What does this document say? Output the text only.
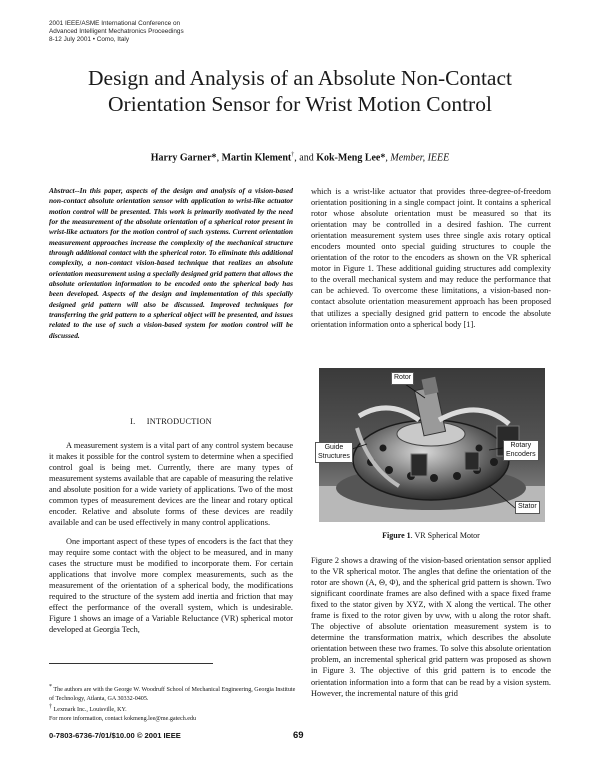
2001 IEEE/ASME International Conference on
Advanced Intelligent Mechatronics Proceedings
8-12 July 2001 • Como, Italy
Design and Analysis of an Absolute Non-Contact
Orientation Sensor for Wrist Motion Control
Harry Garner*, Martin Klement†, and Kok-Meng Lee*, Member, IEEE
Abstract--In this paper, aspects of the design and analysis of a vision-based non-contact absolute orientation sensor with application to wrist-like actuator motion control will be presented. This work is primarily motivated by the need for the measurement of the absolute orientation of a spherical rotor present in wrist-like actuators for the motion control of such systems. Current orientation measurement approaches increase the complexity of the mechanical structure through additional contact with the spherical rotor. To eliminate this additional complexity, a non-contact vision-based technique that realizes an absolute orientation measurement using a specially designed grid pattern that allows the absolute orientation information to be encoded onto the spherical body has been developed. Aspects of the design and implementation of this specially designed grid pattern will also be discussed. Improved techniques for transferring the grid pattern to a spherical object will be presented, and issues related to the use of such a vision-based system for motion control will be discussed.
I. INTRODUCTION
A measurement system is a vital part of any control system because it makes it possible for the control system to determine when a specified control goal is being met. Currently, there are many types of measurement systems available that are capable of measuring the relative and absolute position for a wide variety of applications. Two of the most common types of measurement devices are the linear and rotary optical encoder. Relative and absolute forms of these devices are readily available and can be used effectively in many control applications.
One important aspect of these types of encoders is the fact that they may require some contact with the object to be measured, and in many cases the structure must be modified to incorporate them. For certain applications that involve more complex measurements, such as the measurement of the orientation of a spherical body, the modifications required to the structure of the system add inertia and friction that may effect the performance of the overall system, which is undesirable. Figure 1 shows an image of a Variable Reluctance (VR) spherical motor developed at Georgia Tech,
* The authors are with the George W. Woodruff School of Mechanical Engineering, Georgia Institute of Technology, Atlanta, GA 30332-0405.
† Lexmark Inc., Louisville, KY.
For more information, contact kokmeng.lee@me.gatech.edu
0-7803-6736-7/01/$10.00 © 2001 IEEE	69
which is a wrist-like actuator that provides three-degree-of-freedom orientation positioning in a single compact joint. It contains a spherical rotor whose absolute orientation must be measured so that its orientation may be controlled in a desired fashion. The current orientation measurement system uses three single axis rotary optical encoders mounted onto special guiding structures to couple the orientation of the rotor to the encoders as shown on the VR spherical motor in Figure 1. These additional guiding structures add complexity to the overall mechanical system and may reduce the performance that can be achieved. To overcome these limitations, a vision-based non-contact absolute orientation measurement approach has been proposed that utilizes a specially designed grid pattern to encode the absolute orientation information onto a spherical body [1].
Rotor
Rotary
Encoders
Guide
Structures
Stator
Figure 1. VR Spherical Motor
Figure 2 shows a drawing of the vision-based orientation sensor applied to the VR spherical motor. The angles that define the orientation of the rotor are shown (A, Θ, Φ), and the spherical grid pattern is shown. Two significant coordinate frames are also defined with a space fixed frame fixed to the stator given by XYZ, with X along the vertical. The other frame is fixed to the rotor given by uvw, with u along the rotor shaft. The objective of absolute orientation measurement system is to determine the transformation matrix, which describes the absolute orientation between these two frames. To solve this absolute orientation problem, an incremental spherical grid pattern was proposed as shown in Figure 3. The objective of this grid pattern is to encode the orientation information into a form that can be read by a vision system. However, the incremental nature of this grid
